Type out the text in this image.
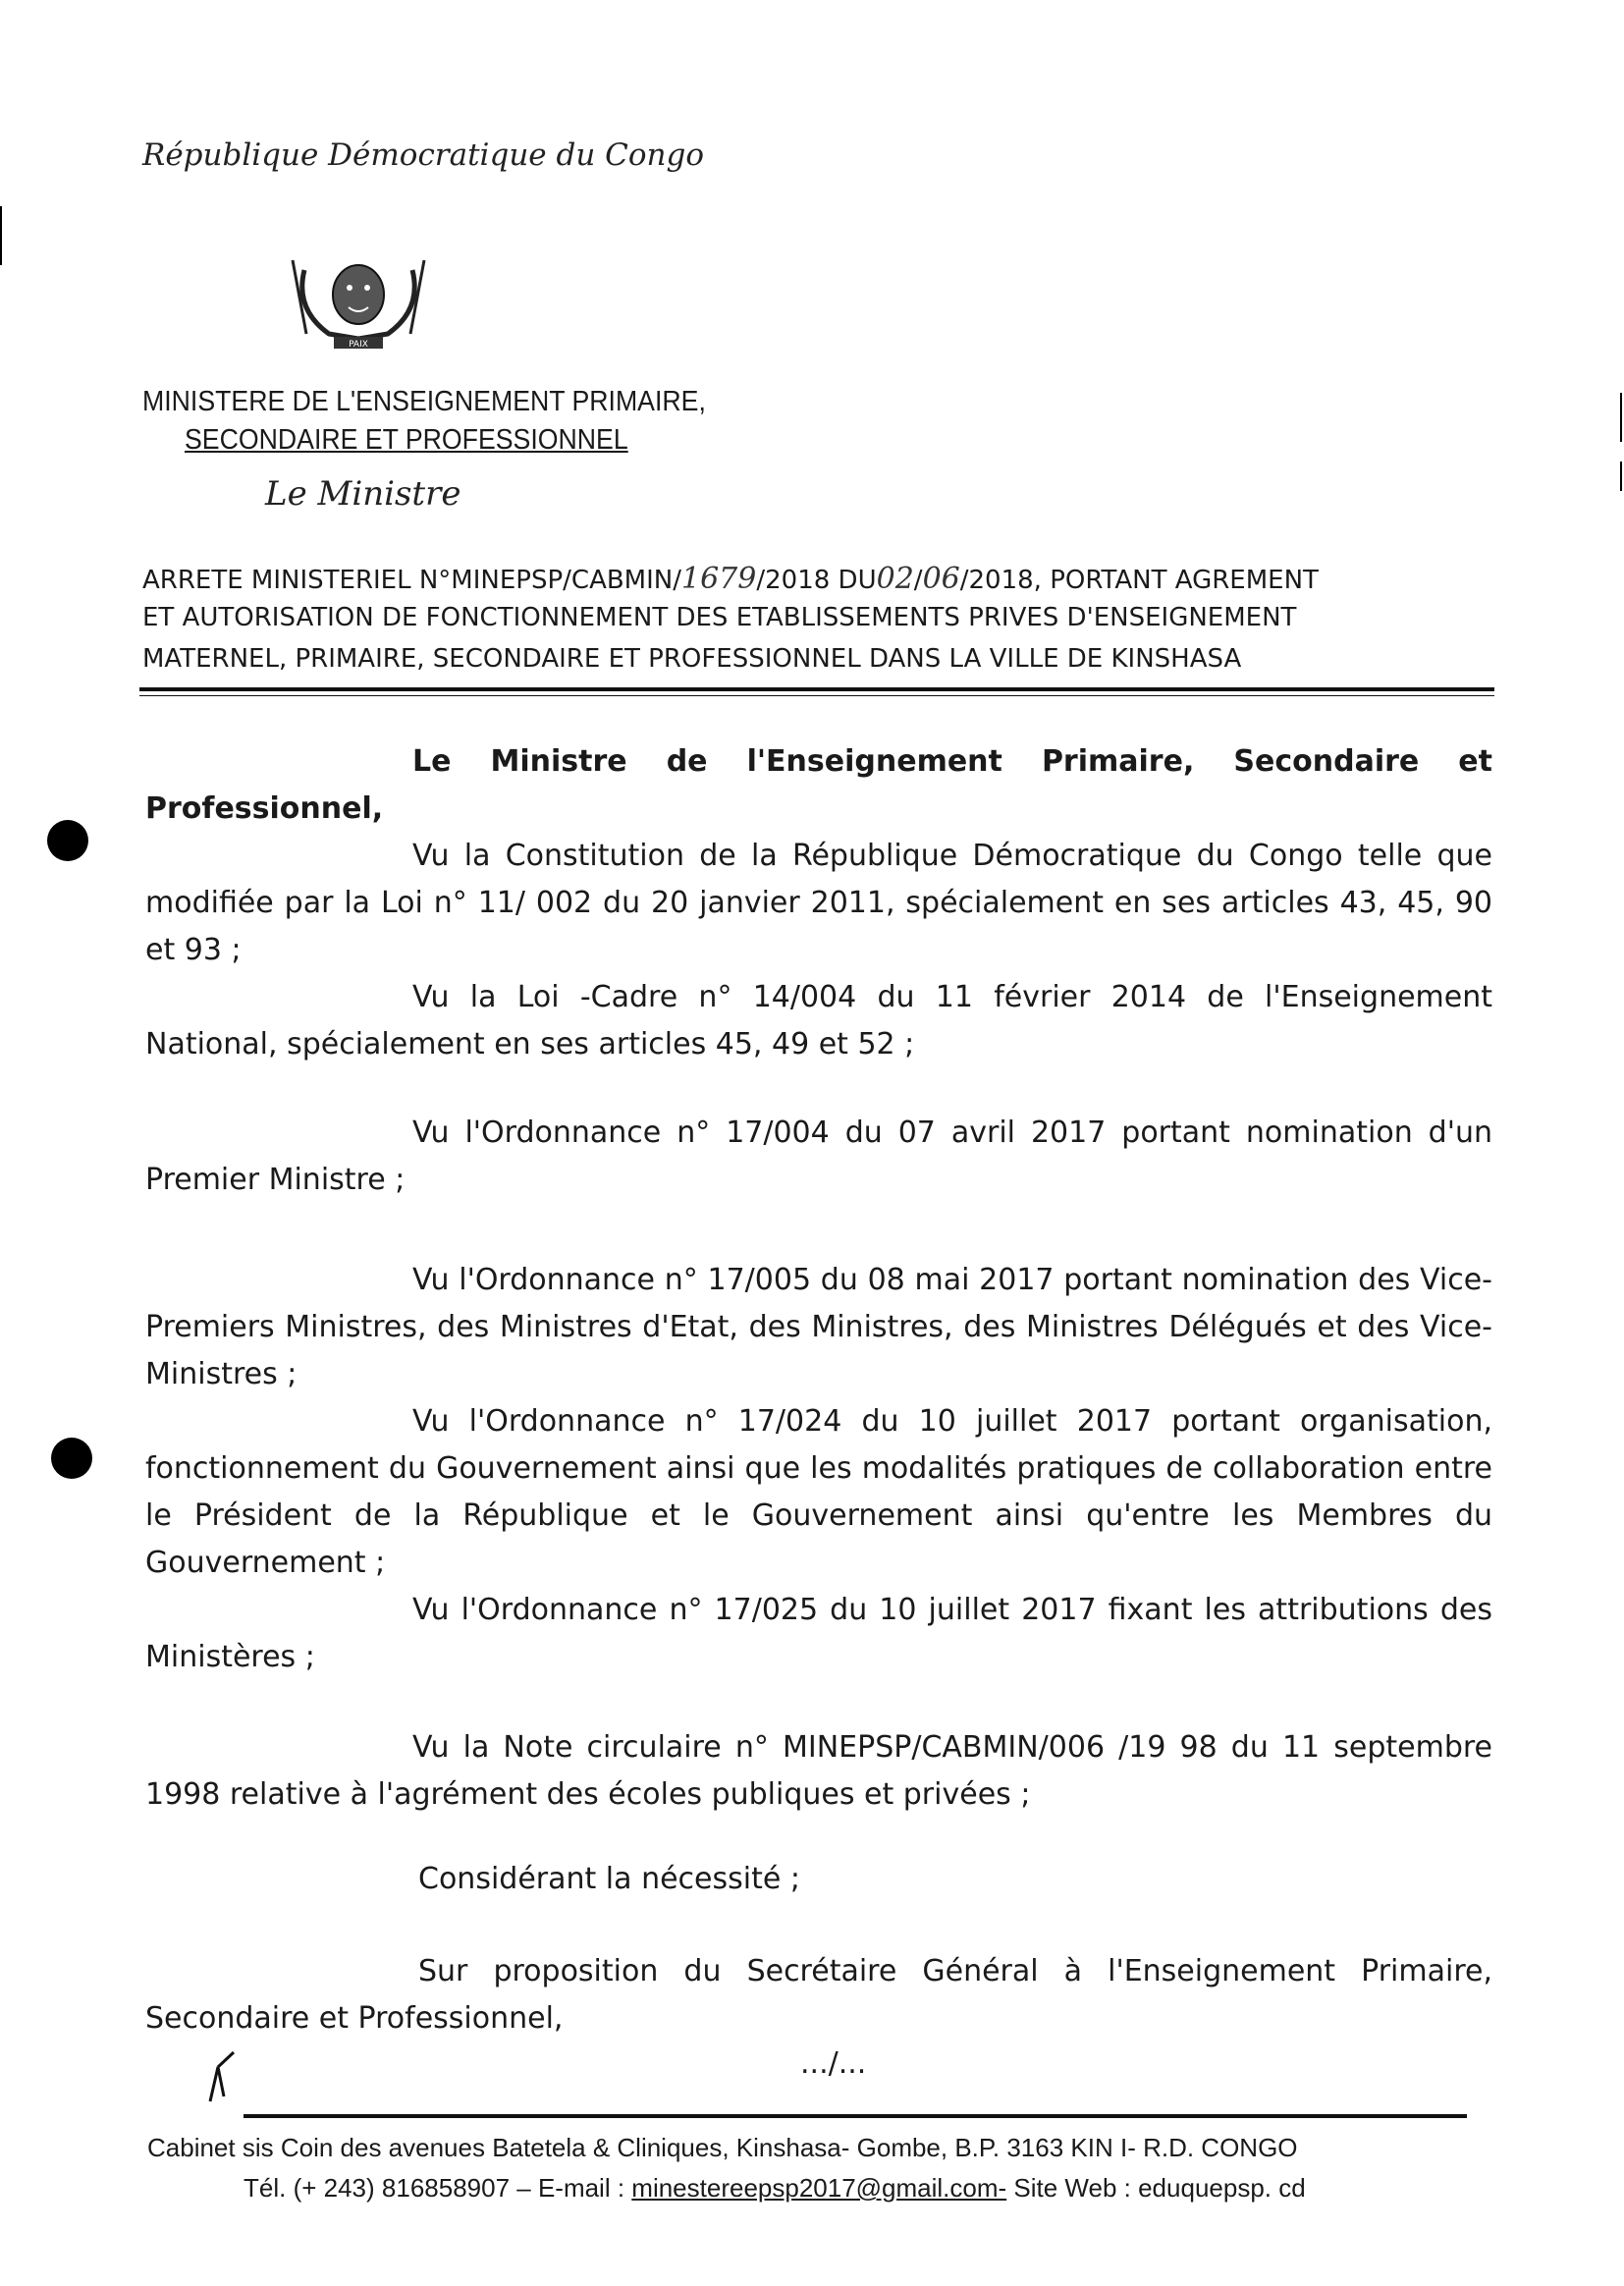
République Démocratique du Congo
PAIX
MINISTERE DE L'ENSEIGNEMENT PRIMAIRE,
SECONDAIRE ET PROFESSIONNEL
Le Ministre
ARRETE MINISTERIEL N°MINEPSP/CABMIN/1679/2018 DU02/06/2018, PORTANT AGREMENT
ET AUTORISATION DE FONCTIONNEMENT DES ETABLISSEMENTS PRIVES D'ENSEIGNEMENT
MATERNEL, PRIMAIRE, SECONDAIRE ET PROFESSIONNEL DANS LA VILLE DE KINSHASA
Le Ministre de l'Enseignement Primaire, Secondaire et
Professionnel,
Vu la Constitution de la République Démocratique du Congo telle que modifiée par la Loi n° 11/ 002 du 20 janvier 2011, spécialement en ses articles 43, 45, 90 et 93 ;
Vu la Loi -Cadre n° 14/004 du 11 février 2014 de l'Enseignement National, spécialement en ses articles 45, 49 et 52 ;
Vu l'Ordonnance n° 17/004 du 07 avril 2017 portant nomination d'un Premier Ministre ;
Vu l'Ordonnance n° 17/005 du 08 mai 2017 portant nomination des Vice-Premiers Ministres, des Ministres d'Etat, des Ministres, des Ministres Délégués et des Vice-Ministres ;
Vu l'Ordonnance n° 17/024 du 10 juillet 2017 portant organisation, fonctionnement du Gouvernement ainsi que les modalités pratiques de collaboration entre le Président de la République et le Gouvernement ainsi qu'entre les Membres du Gouvernement ;
Vu l'Ordonnance n° 17/025 du 10 juillet 2017 fixant les attributions des Ministères ;
Vu la Note circulaire n° MINEPSP/CABMIN/006 /19 98 du 11 septembre 1998 relative à l'agrément des écoles publiques et privées ;
Considérant la nécessité ;
Sur proposition du Secrétaire Général à l'Enseignement Primaire, Secondaire et Professionnel,
.../...
Cabinet sis Coin des avenues Batetela & Cliniques, Kinshasa- Gombe, B.P. 3163 KIN I- R.D. CONGO
Tél. (+ 243) 816858907 – E-mail : minestereepsp2017@gmail.com- Site Web : eduquepsp. cd
